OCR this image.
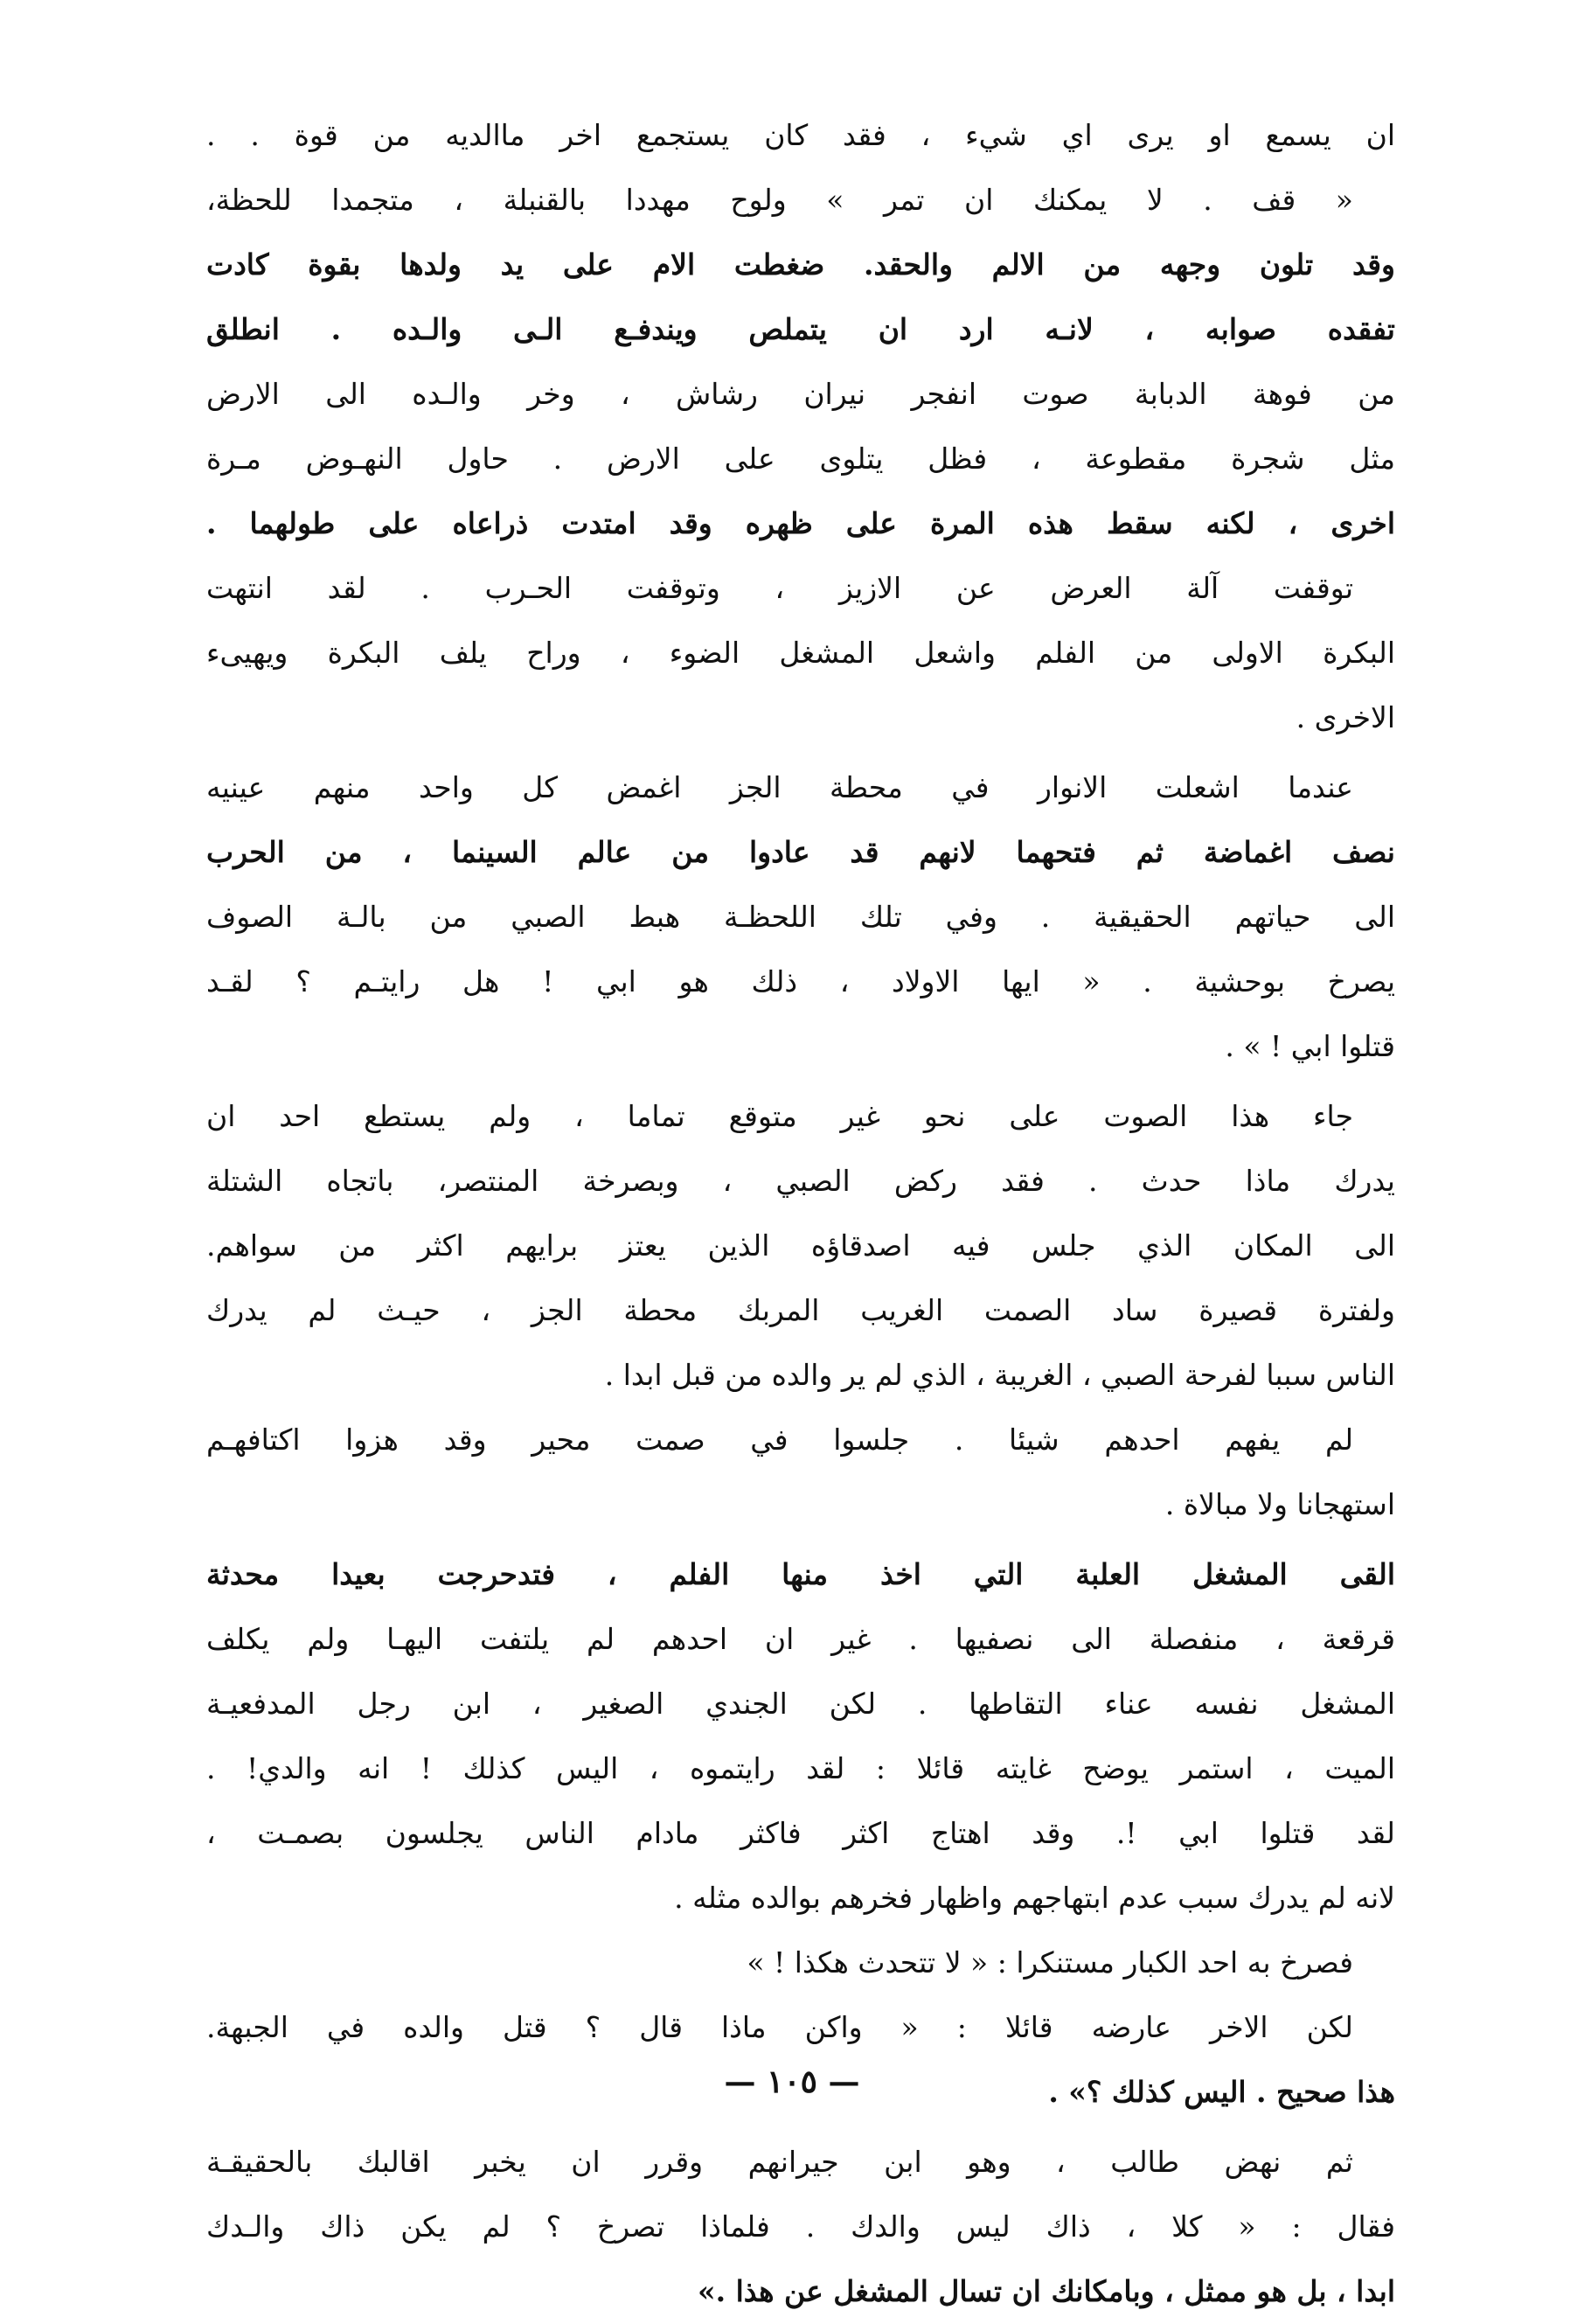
ان يسمع او يرى اي شيء ، فقد كان يستجمع اخر ماالديه من قوة . .
« قف . لا يمكنك ان تمر » ولوح مهددا بالقنبلة ، متجمدا للحظة،
وقد تلون وجهه من الالم والحقد. ضغطت الام على يد ولدها بقوة كادت
تفقده صوابه ، لانـه ارد ان يتملص ويندفـع الـى والـده . انطلق
من فوهة الدبابة صوت انفجر نيران رشاش ، وخر والـده الى الارض
مثل شجرة مقطوعة ، فظل يتلوى على الارض . حاول النهـوض مـرة
اخرى ، لكنه سقط هذه المرة على ظهره وقد امتدت ذراعاه على طولهما .
توقفت آلة العرض عن الازيز ، وتوقفت الحـرب . لقد انتهت
البكرة الاولى من الفلم واشعل المشغل الضوء ، وراح يلف البكرة ويهيىء
الاخرى .
عندما اشعلت الانوار في محطة الجز اغمض كل واحد منهم عينيه
نصف اغماضة ثم فتحهما لانهم قد عادوا من عالم السينما ، من الحرب
الى حياتهم الحقيقية . وفي تلك اللحظـة هبط الصبي من بالـة الصوف
يصرخ بوحشية . « ايها الاولاد ، ذلك هو ابي ! هل رايتـم ؟ لقـد
قتلوا ابي ! » .
جاء هذا الصوت على نحو غير متوقع تماما ، ولم يستطع احد ان
يدرك ماذا حدث . فقد ركض الصبي ، وبصرخة المنتصر، باتجاه الشتلة
الى المكان الذي جلس فيه اصدقاؤه الذين يعتز برايهم اكثر من سواهم.
ولفترة قصيرة ساد الصمت الغريب المربك محطة الجز ، حيـث لم يدرك
الناس سببا لفرحة الصبي ، الغريبة ، الذي لم ير والده من قبل ابدا .
لم يفهم احدهم شيئا . جلسوا في صمت محير وقد هزوا اكتافهـم
استهجانا ولا مبالاة .
القى المشغل العلبة التي اخذ منها الفلم ، فتدحرجت بعيدا محدثة
قرقعة ، منفصلة الى نصفيها . غير ان احدهم لم يلتفت اليهـا ولم يكلف
المشغل نفسه عناء التقاطها . لكن الجندي الصغير ، ابن رجل المدفعيـة
الميت ، استمر يوضح غايته قائلا : لقد رايتموه ، اليس كذلك ! انه والدي! .
لقد قتلوا ابي !. وقد اهتاج اكثر فاكثر مادام الناس يجلسون بصمـت ،
لانه لم يدرك سبب عدم ابتهاجهم واظهار فخرهم بوالده مثله .
فصرخ به احد الكبار مستنكرا : « لا تتحدث هكذا ! »
لكن الاخر عارضه قائلا : « واكن ماذا قال ؟ قتل والده في الجبهة.
هذا صحيح . اليس كذلك ؟» .
ثم نهض طالب ، وهو ابن جيرانهم وقرر ان يخبر اقالبك بالحقيقـة
فقال : « كلا ، ذاك ليس والدك . فلماذا تصرخ ؟ لم يكن ذاك والـدك
ابدا ، بل هو ممثل ، وبامكانك ان تسال المشغل عن هذا .»
— ١٠٥ —
